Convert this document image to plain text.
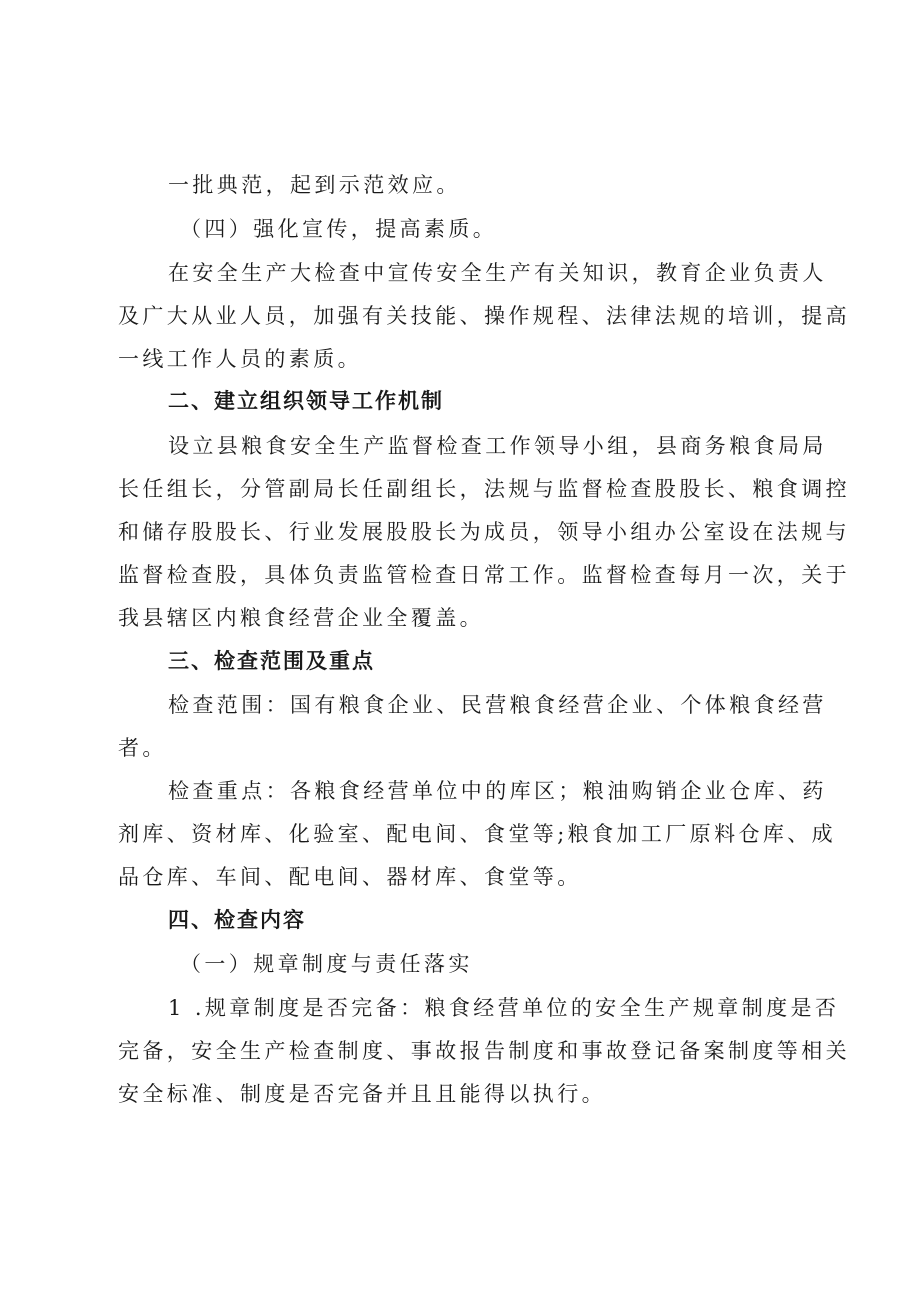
一批典范，起到示范效应。
（四）强化宣传，提高素质。
在安全生产大检查中宣传安全生产有关知识，教育企业负责人
及广大从业人员，加强有关技能、操作规程、法律法规的培训，提高
一线工作人员的素质。
二、建立组织领导工作机制
设立县粮食安全生产监督检查工作领导小组，县商务粮食局局
长任组长，分管副局长任副组长，法规与监督检查股股长、粮食调控
和储存股股长、行业发展股股长为成员，领导小组办公室设在法规与
监督检查股，具体负责监管检查日常工作。监督检查每月一次，关于
我县辖区内粮食经营企业全覆盖。
三、检查范围及重点
检查范围：国有粮食企业、民营粮食经营企业、个体粮食经营
者。
检查重点：各粮食经营单位中的库区；粮油购销企业仓库、药
剂库、资材库、化验室、配电间、食堂等;粮食加工厂原料仓库、成
品仓库、车间、配电间、器材库、食堂等。
四、检查内容
（一）规章制度与责任落实
1 .规章制度是否完备：粮食经营单位的安全生产规章制度是否
完备，安全生产检查制度、事故报告制度和事故登记备案制度等相关
安全标准、制度是否完备并且且能得以执行。
